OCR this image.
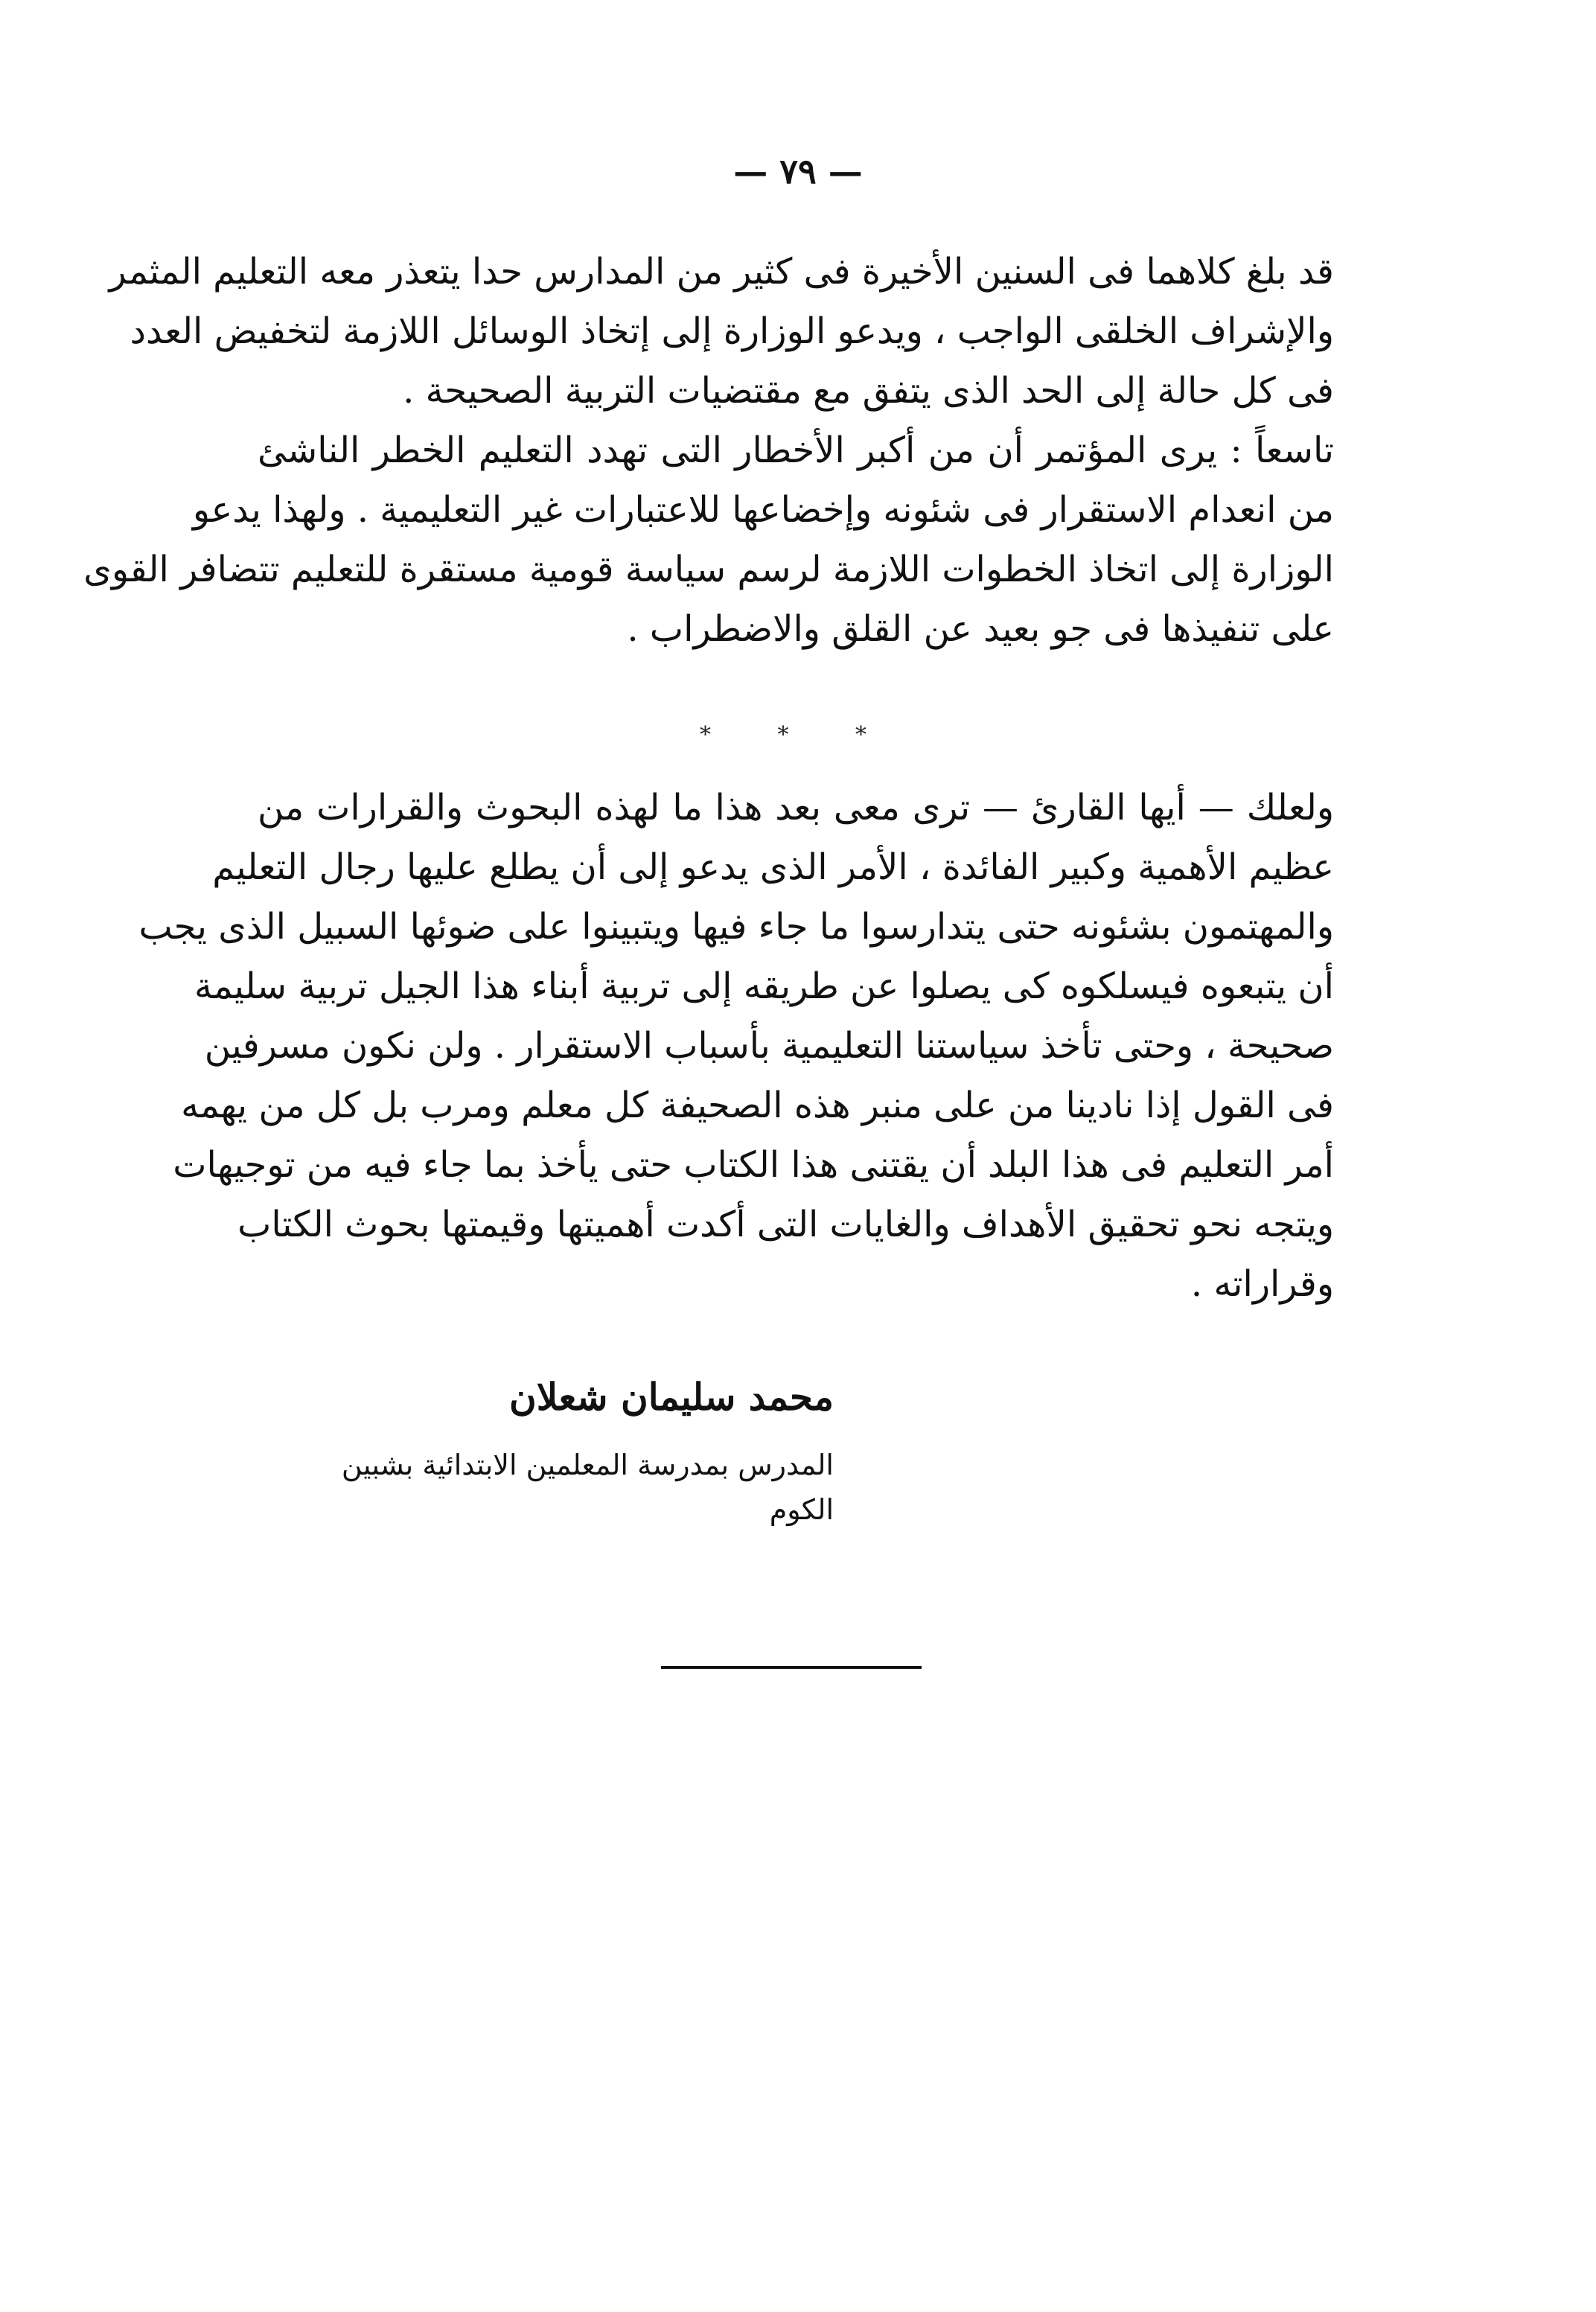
— ٧٩ —
قد بلغ كلاهما فى السنين الأخيرة فى كثير من المدارس حدا يتعذر معه التعليم المثمر
والإشراف الخلقى الواجب ، ويدعو الوزارة إلى إتخاذ الوسائل اللازمة لتخفيض العدد
فى كل حالة إلى الحد الذى يتفق مع مقتضيات التربية الصحيحة .
تاسعاً : يرى المؤتمر أن من أكبر الأخطار التى تهدد التعليم الخطر الناشئ
من انعدام الاستقرار فى شئونه وإخضاعها للاعتبارات غير التعليمية . ولهذا يدعو
الوزارة إلى اتخاذ الخطوات اللازمة لرسم سياسة قومية مستقرة للتعليم تتضافر القوى
على تنفيذها فى جو بعيد عن القلق والاضطراب .
* * *
ولعلك — أيها القارئ — ترى معى بعد هذا ما لهذه البحوث والقرارات من
عظيم الأهمية وكبير الفائدة ، الأمر الذى يدعو إلى أن يطلع عليها رجال التعليم
والمهتمون بشئونه حتى يتدارسوا ما جاء فيها ويتبينوا على ضوئها السبيل الذى يجب
أن يتبعوه فيسلكوه كى يصلوا عن طريقه إلى تربية أبناء هذا الجيل تربية سليمة
صحيحة ، وحتى تأخذ سياستنا التعليمية بأسباب الاستقرار . ولن نكون مسرفين
فى القول إذا نادينا من على منبر هذه الصحيفة كل معلم ومرب بل كل من يهمه
أمر التعليم فى هذا البلد أن يقتنى هذا الكتاب حتى يأخذ بما جاء فيه من توجيهات
ويتجه نحو تحقيق الأهداف والغايات التى أكدت أهميتها وقيمتها بحوث الكتاب
وقراراته .
محمد سليمان شعلان
المدرس بمدرسة المعلمين الابتدائية بشبين الكوم
